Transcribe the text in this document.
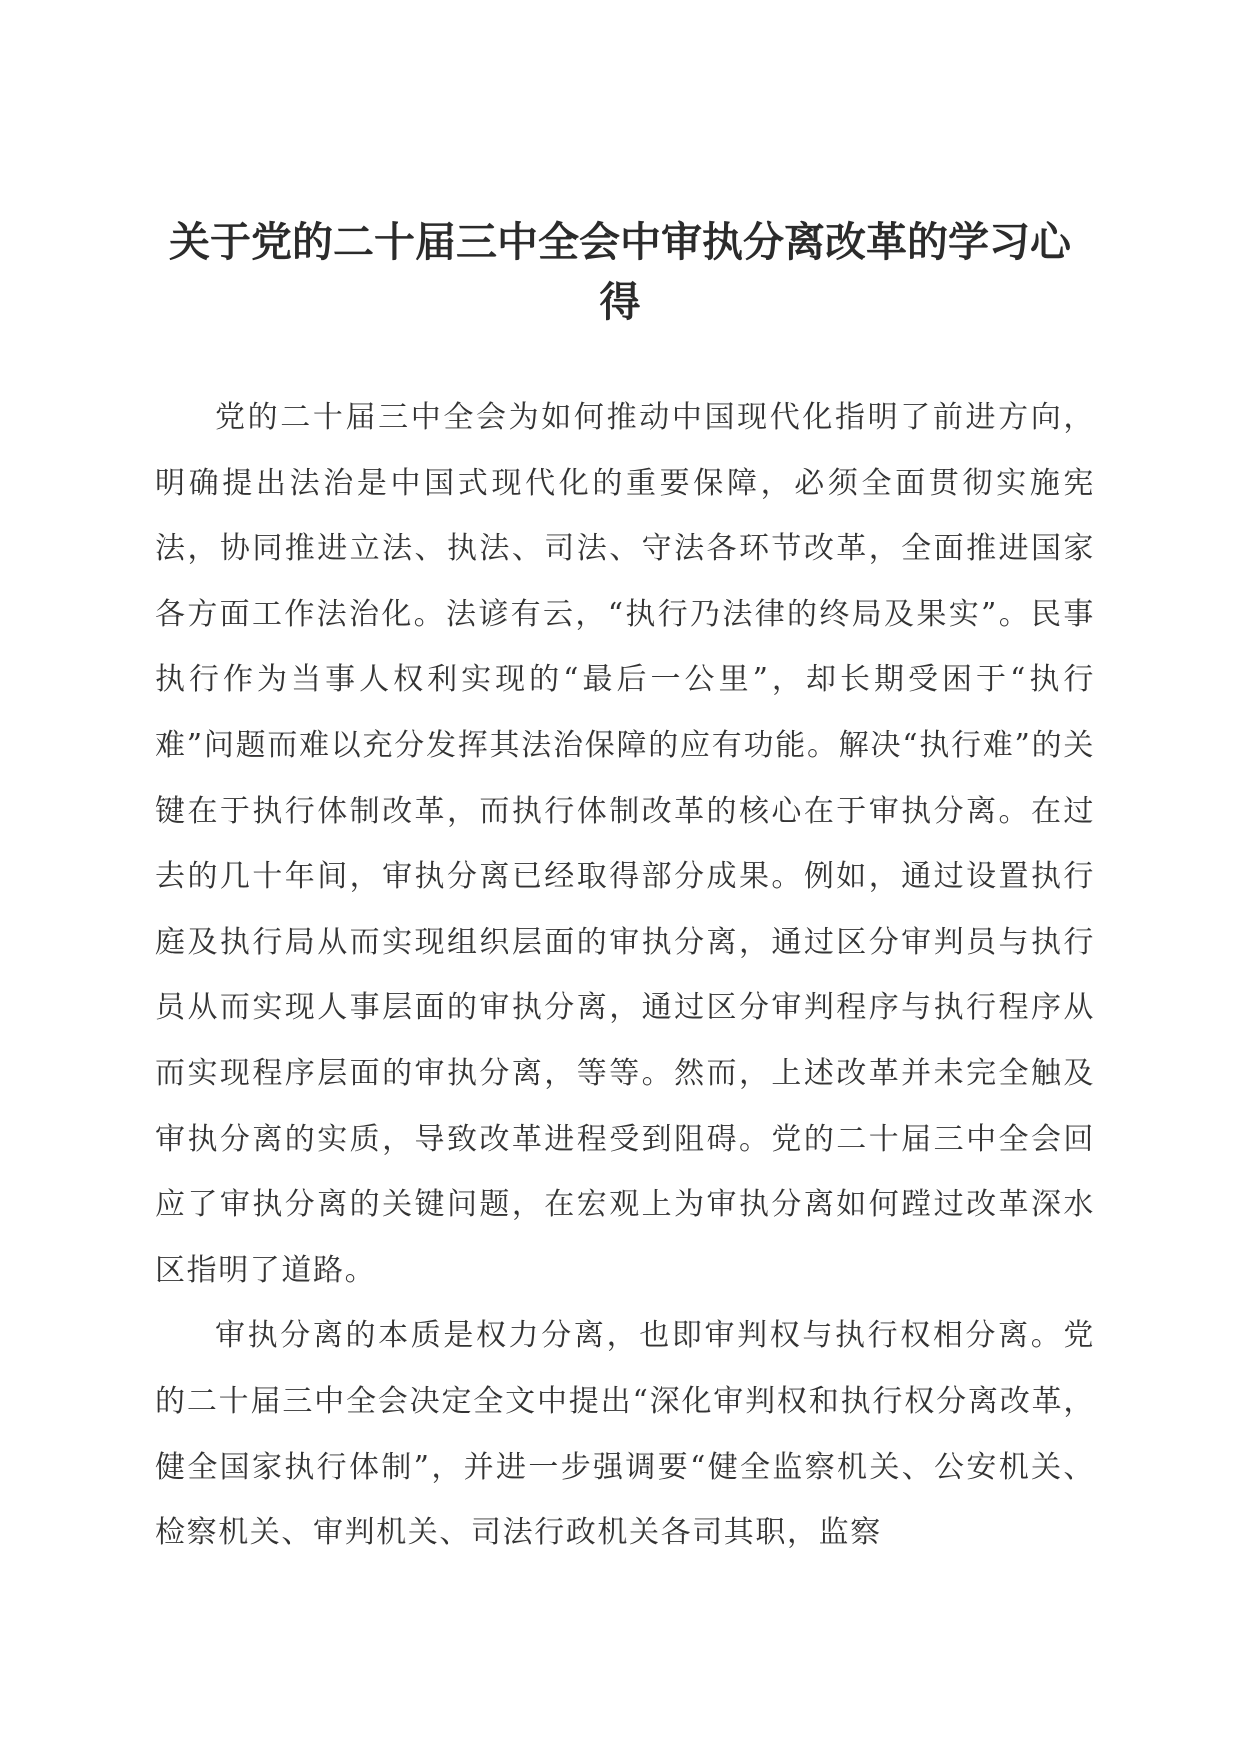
关于党的二十届三中全会中审执分离改革的学习心得

党的二十届三中全会为如何推动中国现代化指明了前进方向，明确提出法治是中国式现代化的重要保障，必须全面贯彻实施宪法，协同推进立法、执法、司法、守法各环节改革，全面推进国家各方面工作法治化。法谚有云，“执行乃法律的终局及果实”。民事执行作为当事人权利实现的“最后一公里”，却长期受困于“执行难”问题而难以充分发挥其法治保障的应有功能。解决“执行难”的关键在于执行体制改革，而执行体制改革的核心在于审执分离。在过去的几十年间，审执分离已经取得部分成果。例如，通过设置执行庭及执行局从而实现组织层面的审执分离，通过区分审判员与执行员从而实现人事层面的审执分离，通过区分审判程序与执行程序从而实现程序层面的审执分离，等等。然而，上述改革并未完全触及审执分离的实质，导致改革进程受到阻碍。党的二十届三中全会回应了审执分离的关键问题，在宏观上为审执分离如何蹚过改革深水区指明了道路。

审执分离的本质是权力分离，也即审判权与执行权相分离。党的二十届三中全会决定全文中提出“深化审判权和执行权分离改革，健全国家执行体制”，并进一步强调要“健全监察机关、公安机关、检察机关、审判机关、司法行政机关各司其职，监察
